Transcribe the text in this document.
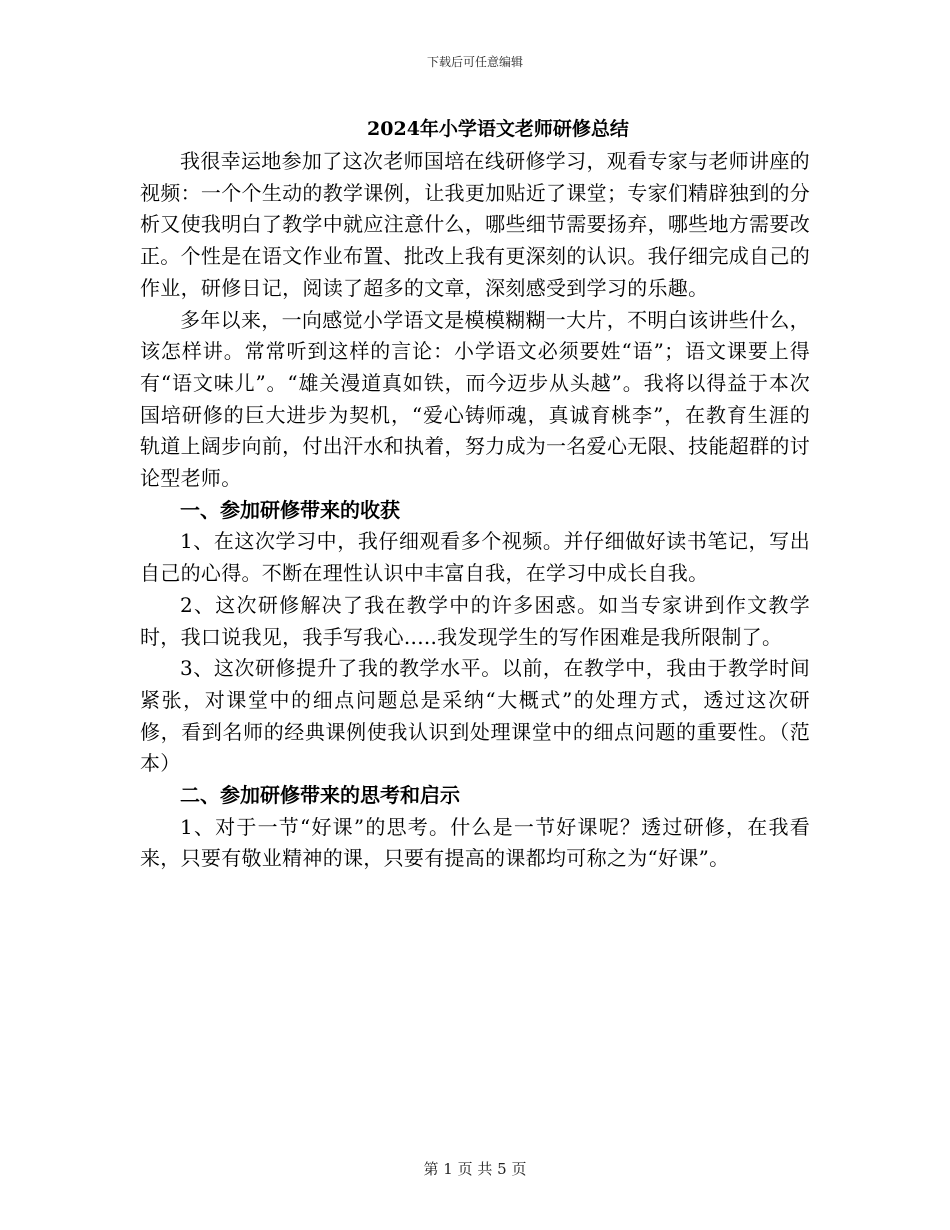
下载后可任意编辑
2024年小学语文老师研修总结

我很幸运地参加了这次老师国培在线研修学习，观看专家与老师讲座的视频：一个个生动的教学课例，让我更加贴近了课堂；专家们精辟独到的分析又使我明白了教学中就应注意什么，哪些细节需要扬弃，哪些地方需要改正。个性是在语文作业布置、批改上我有更深刻的认识。我仔细完成自己的作业，研修日记，阅读了超多的文章，深刻感受到学习的乐趣。

多年以来，一向感觉小学语文是模模糊糊一大片，不明白该讲些什么，该怎样讲。常常听到这样的言论：小学语文必须要姓“语”；语文课要上得有“语文味儿”。“雄关漫道真如铁，而今迈步从头越”。我将以得益于本次国培研修的巨大进步为契机，“爱心铸师魂，真诚育桃李”，在教育生涯的轨道上阔步向前，付出汗水和执着，努力成为一名爱心无限、技能超群的讨论型老师。

一、参加研修带来的收获

1、在这次学习中，我仔细观看多个视频。并仔细做好读书笔记，写出自己的心得。不断在理性认识中丰富自我，在学习中成长自我。

2、这次研修解决了我在教学中的许多困惑。如当专家讲到作文教学时，我口说我见，我手写我心.....我发现学生的写作困难是我所限制了。

3、这次研修提升了我的教学水平。以前，在教学中，我由于教学时间紧张，对课堂中的细点问题总是采纳“大概式”的处理方式，透过这次研修，看到名师的经典课例使我认识到处理课堂中的细点问题的重要性。（范本）

二、参加研修带来的思考和启示

1、对于一节“好课”的思考。什么是一节好课呢？透过研修，在我看来，只要有敬业精神的课，只要有提高的课都均可称之为“好课”。

第 1 页 共 5 页
